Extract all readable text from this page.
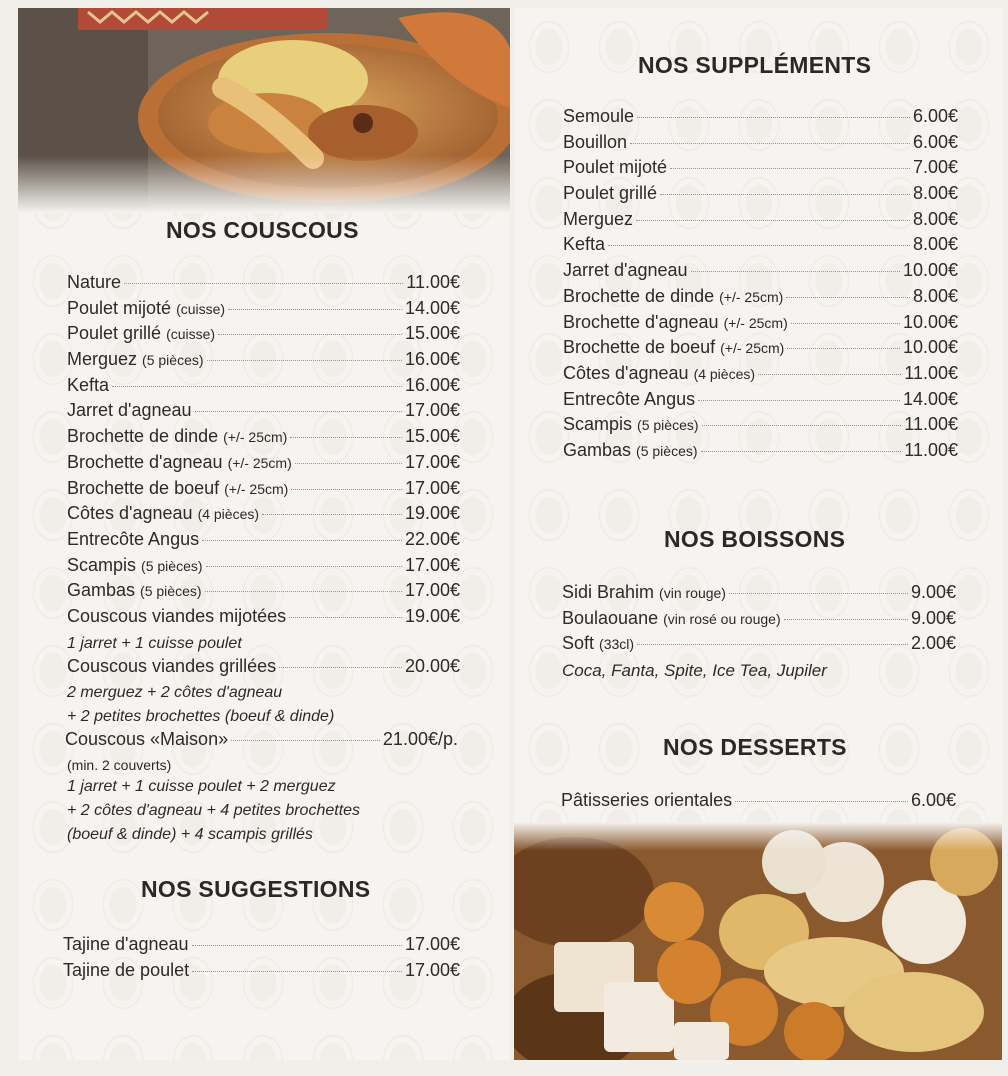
NOS COUSCOUS
Nature	11.00€
Poulet mijoté (cuisse)	14.00€
Poulet grillé (cuisse)	15.00€
Merguez (5 pièces)	16.00€
Kefta	16.00€
Jarret d'agneau	17.00€
Brochette de dinde (+/- 25cm)	15.00€
Brochette d'agneau (+/- 25cm)	17.00€
Brochette de boeuf (+/- 25cm)	17.00€
Côtes d'agneau (4 pièces)	19.00€
Entrecôte Angus	22.00€
Scampis (5 pièces)	17.00€
Gambas (5 pièces)	17.00€
Couscous viandes mijotées	19.00€
1 jarret + 1 cuisse poulet
Couscous viandes grillées	20.00€
2 merguez + 2 côtes d'agneau
+ 2 petites brochettes (boeuf & dinde)
Couscous «Maison»	21.00€/p.
(min. 2 couverts)
1 jarret + 1 cuisse poulet + 2 merguez
+ 2 côtes d'agneau + 4 petites brochettes
(boeuf & dinde) + 4 scampis grillés
NOS SUGGESTIONS
Tajine d'agneau	17.00€
Tajine de poulet	17.00€
NOS SUPPLÉMENTS
Semoule	6.00€
Bouillon	6.00€
Poulet mijoté	7.00€
Poulet grillé	8.00€
Merguez	8.00€
Kefta	8.00€
Jarret d'agneau	10.00€
Brochette de dinde (+/- 25cm)	8.00€
Brochette d'agneau (+/- 25cm)	10.00€
Brochette de boeuf (+/- 25cm)	10.00€
Côtes d'agneau (4 pièces)	11.00€
Entrecôte Angus	14.00€
Scampis (5 pièces)	11.00€
Gambas (5 pièces)	11.00€
NOS BOISSONS
Sidi Brahim (vin rouge)	9.00€
Boulaouane (vin rosé ou rouge)	9.00€
Soft (33cl)	2.00€
Coca, Fanta, Spite, Ice Tea, Jupiler
NOS DESSERTS
Pâtisseries orientales	6.00€
